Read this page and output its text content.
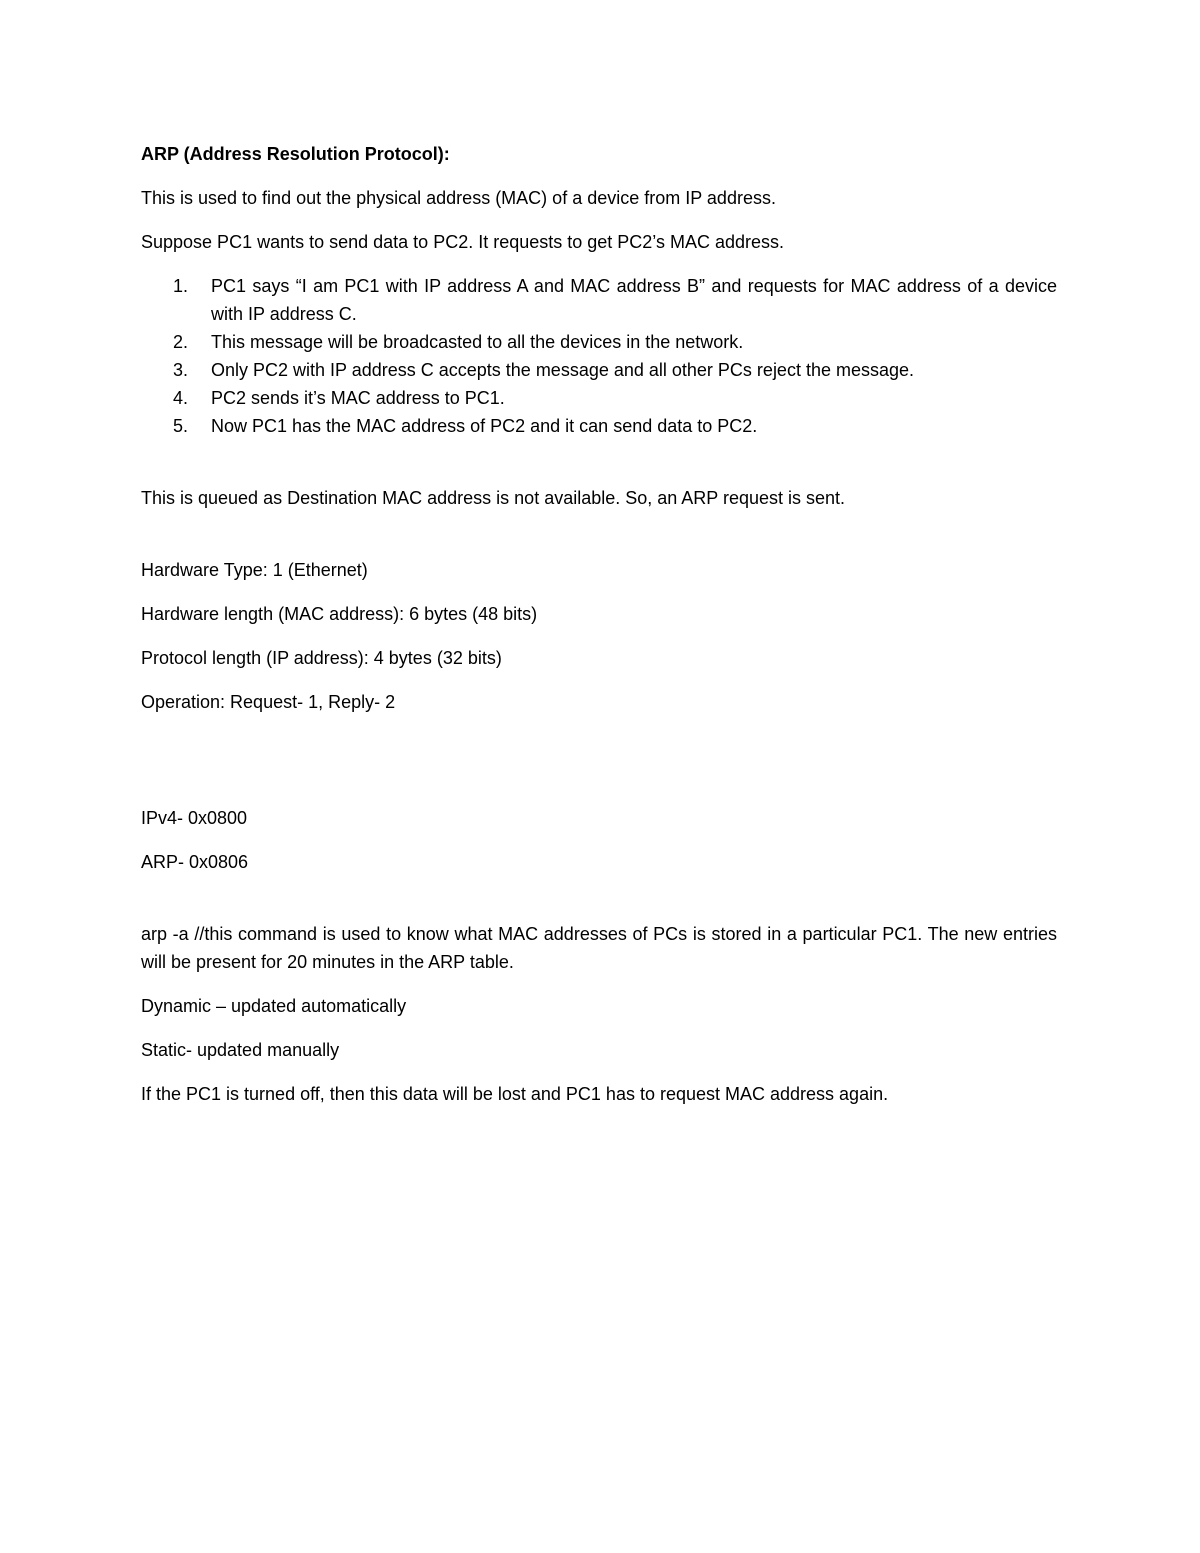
ARP (Address Resolution Protocol):

This is used to find out the physical address (MAC) of a device from IP address.

Suppose PC1 wants to send data to PC2. It requests to get PC2’s MAC address.

1. PC1 says “I am PC1 with IP address A and MAC address B” and requests for MAC address of a device with IP address C.
2. This message will be broadcasted to all the devices in the network.
3. Only PC2 with IP address C accepts the message and all other PCs reject the message.
4. PC2 sends it’s MAC address to PC1.
5. Now PC1 has the MAC address of PC2 and it can send data to PC2.

This is queued as Destination MAC address is not available. So, an ARP request is sent.

Hardware Type: 1 (Ethernet)

Hardware length (MAC address): 6 bytes (48 bits)

Protocol length (IP address): 4 bytes (32 bits)

Operation: Request- 1, Reply- 2

IPv4- 0x0800

ARP- 0x0806

arp -a //this command is used to know what MAC addresses of PCs is stored in a particular PC1. The new entries will be present for 20 minutes in the ARP table.

Dynamic – updated automatically

Static- updated manually

If the PC1 is turned off, then this data will be lost and PC1 has to request MAC address again.
